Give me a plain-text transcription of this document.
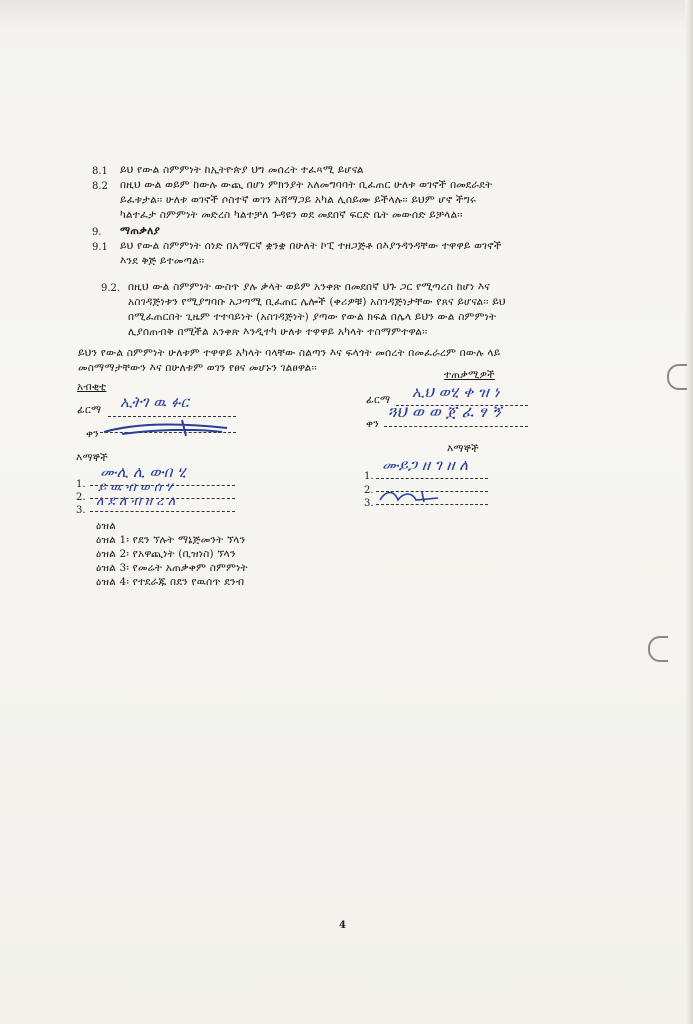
8.1 ይህ የውል ስምምነት ከኢትዮጵያ ህግ መሰረት ተፈጻሚ ይሆናል
8.2 በዚህ ውል ወይም ከውሉ ውጪ በሆነ ምክንያት አለመግባባት ቢፈጠር ሁለቱ ወገኖች በመደራደት
ይፈቱታል፡፡ ሁለቱ ወገኖች ሶስተኛ ወገን አሸማጋይ አካል ሊሰይሙ ይችላሉ፡፡ ይህም ሆኖ ችግሩ
ካልተፈታ ስምምነት መድረስ ካልተቻለ ጉዳዩን ወደ መደበኛ ፍርድ ቤት መውሰድ ይቻላል፡፡
9. ማጠቃለያ
9.1 ይህ የውል ስምምነት ሰነድ በአማርኛ ቋንቋ በሁለት ኮፒ ተዘጋጅቶ በእያንዳንዳቸው ተዋዋይ ወገኖች
እንደ ቅጅ ይተመጣል፡፡
9.2. በዚህ ውል ስምምነት ውስጥ ያሉ ቃላት ወይም አንቀጽ በመደበኛ ህጉ ጋር የሚጣረስ ከሆነ እና
አስገዳጅነቱን የሚያግባቡ አጋጣሚ ቢፈጠር ሌሎች (ቀሪዎቹ) አስገዳጅነታቸው የጸና ይሆናል፡፡ ይህ
በሚፈጠርበት ጊዜም ተተባይነት (አስገዳጅነት) ያጣው የውል ክፍል በሌላ ይህን ውል ስምምነት
ሊያሰጠብቅ በሚችል አንቀጽ እንዲተካ ሁለቱ ተዋዋይ አካላት ተስማምተዋል፡፡
ይህን የውል ስምምነት ሁለቱም ተዋዋይ አካላት ባላቸው ስልጣን እና ፍላጎት መሰረት በመፈራረም በውሉ ላይ
መስማማታቸውን እና በሁለቱም ወገን የፀና መሆኑን ገልፀዋል፡፡
አብቂቲ
ፊርማ ኢትገ ዉ ፉር
ቀን
እማኞች
1.
2.
3.
ሙሊ ሊ ውበ ሂ
ይ ዉ ብ ወ ሰ ሃ
ለ ደ ለ ብ ዘ ረ ለ
ተጠቃሚዎች
ፊርማ ኢህ ወሂ ቀ ዝ ነ
ቀን
ጓህ ወ ወ ጀ ፈ ፃ ኝ
እማኞች
1.
2.
3.
ሙይጋ ዘ ገ ዘ ለ
ዕዝል
ዕዝል 1፡ የደን ኘሉት ማኔጅመንት ኘላን
ዕዝል 2፡ የአዋጪነት (ቢዝነስ) ኘላን
ዕዝል 3፡ የመሬት አጠቃቀም ስምምነት
ዕዝል 4፡ የተደራጁ በደን የዉሰጥ ደንብ
4
